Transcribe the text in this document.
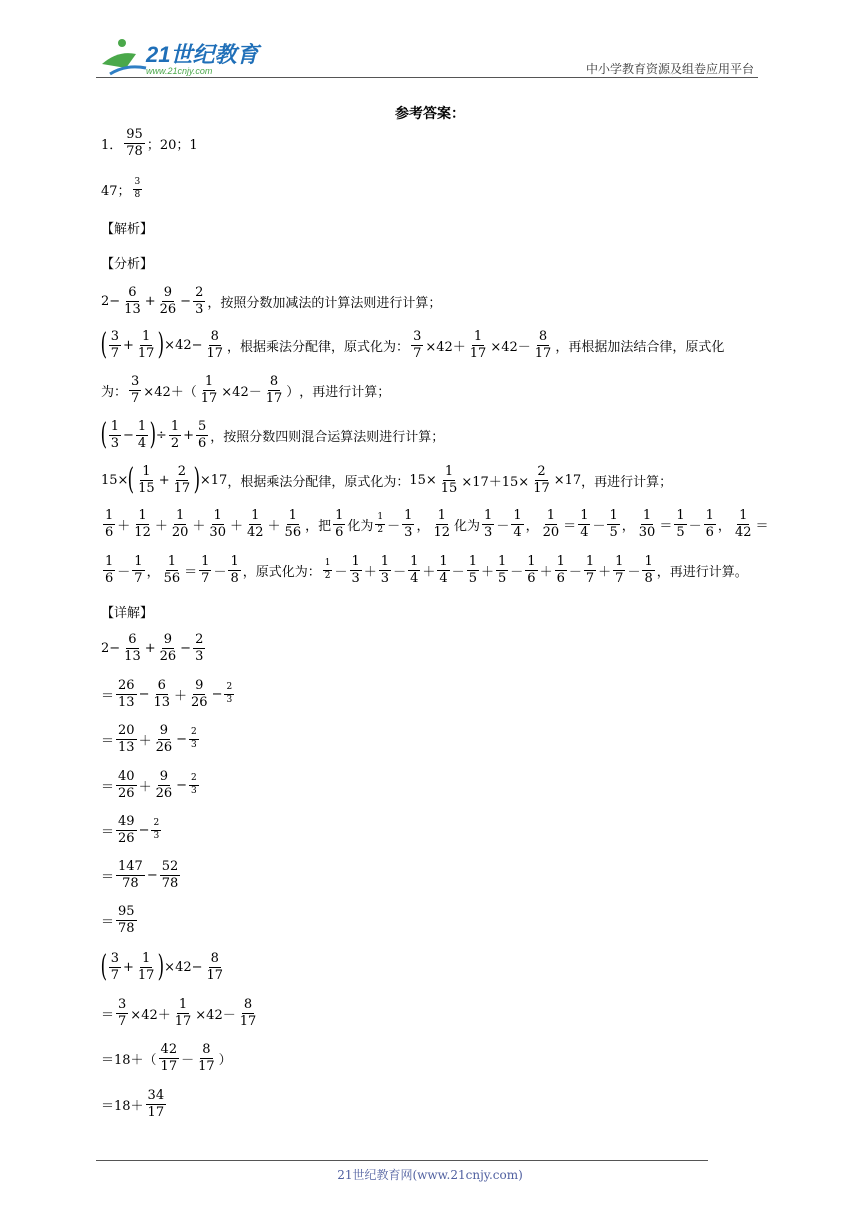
21世纪教育
www.21cnjy.com	中小学教育资源及组卷应用平台
参考答案：
1． $\frac{95}{78}$ ；20；1
47； $\frac{3}{8}$
【解析】
【分析】
$2- \frac{6}{13} + \frac{9}{26} - \frac{2}{3}$ ，按照分数加减法的计算法则进行计算；
( $\frac{3}{7} + \frac{1}{17}$ ) $\times 42- \frac{8}{17}$ ，根据乘法分配律，原式化为： $\frac{3}{7} \times 42+ \frac{1}{17} \times 42- \frac{8}{17}$ ，再根据加法结合律，原式化
为： $\frac{3}{7} \times 42+( \frac{1}{17} \times 42- \frac{8}{17}$ ） ，再进行计算；
( $\frac{1}{3} - \frac{1}{4}$ ) ÷ $\frac{1}{2} + \frac{5}{6}$ ，按照分数四则混合运算法则进行计算；
15× ( $\frac{1}{15} + \frac{2}{17}$ ) ×17 ，根据乘法分配律，原式化为： $15\times \frac{1}{15} \times 17+15\times \frac{2}{17} \times 17$ ，再进行计算；
$\frac{1}{6} + \frac{1}{12} + \frac{1}{20} + \frac{1}{30} + \frac{1}{42} + \frac{1}{56}$ ， 把 $\frac{1}{6}$ 化为 $\frac{1}{2} - \frac{1}{3}$ ， $\frac{1}{12}$ 化为 $\frac{1}{3} - \frac{1}{4}$ ， $\frac{1}{20} = \frac{1}{4} - \frac{1}{5}$ ， $\frac{1}{30} = \frac{1}{5} - \frac{1}{6}$ ， $\frac{1}{42}$ ＝
$\frac{1}{6} - \frac{1}{7}$ ， $\frac{1}{56} = \frac{1}{7} - \frac{1}{8}$ ，原式化为： $\frac{1}{2} - \frac{1}{3} + \frac{1}{3} - \frac{1}{4} + \frac{1}{4} - \frac{1}{5} + \frac{1}{5} - \frac{1}{6} + \frac{1}{6} - \frac{1}{7} + \frac{1}{7} - \frac{1}{8}$ ，再进行计算。
【详解】
$2- \frac{6}{13} + \frac{9}{26} - \frac{2}{3}$
＝ $\frac{26}{13} - \frac{6}{13} + \frac{9}{26} - \frac{2}{3}$
＝ $\frac{20}{13} + \frac{9}{26} - \frac{2}{3}$
＝ $\frac{40}{26} + \frac{9}{26} - \frac{2}{3}$
＝ $\frac{49}{26} - \frac{2}{3}$
＝ $\frac{147}{78} - \frac{52}{78}$
＝ $\frac{95}{78}$
( $\frac{3}{7} + \frac{1}{17}$ ) $\times 42- \frac{8}{17}$
＝ $\frac{3}{7} \times 42+ \frac{1}{17} \times 42- \frac{8}{17}$
$=18+( \frac{42}{17} - \frac{8}{17}$ ）
$=18+ \frac{34}{17}$
21世纪教育网(www.21cnjy.com)
